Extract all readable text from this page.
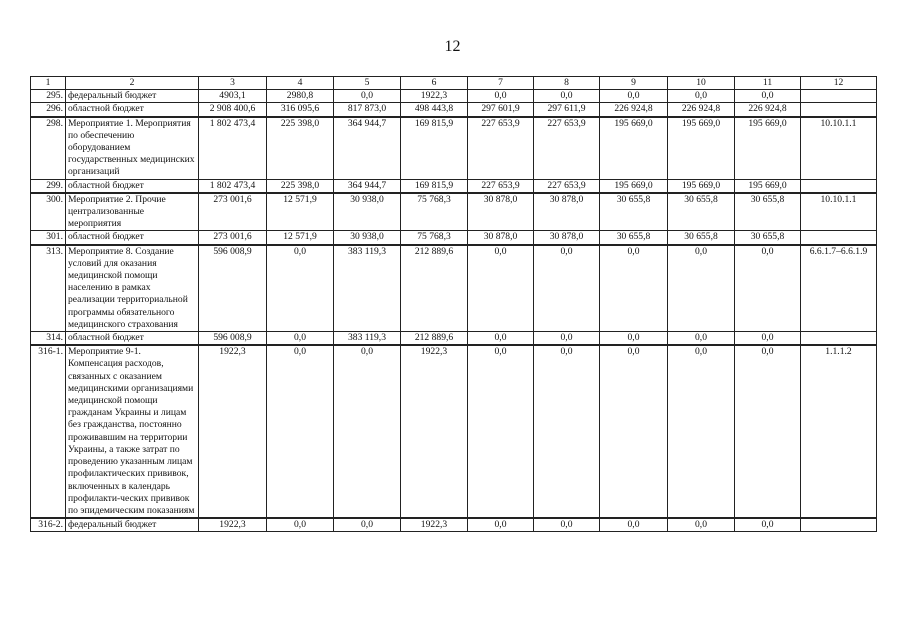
12
1	2	3	4	5	6	7	8	9	10	11	12
295.	федеральный бюджет	4903,1	2980,8	0,0	1922,3	0,0	0,0	0,0	0,0	0,0	
296.	областной бюджет	2 908 400,6	316 095,6	817 873,0	498 443,8	297 601,9	297 611,9	226 924,8	226 924,8	226 924,8	
298.	Мероприятие 1. Мероприятия по обеспечению оборудованием государственных медицинских организаций	1 802 473,4	225 398,0	364 944,7	169 815,9	227 653,9	227 653,9	195 669,0	195 669,0	195 669,0	10.10.1.1
299.	областной бюджет	1 802 473,4	225 398,0	364 944,7	169 815,9	227 653,9	227 653,9	195 669,0	195 669,0	195 669,0	
300.	Мероприятие 2. Прочие централизованные мероприятия	273 001,6	12 571,9	30 938,0	75 768,3	30 878,0	30 878,0	30 655,8	30 655,8	30 655,8	10.10.1.1
301.	областной бюджет	273 001,6	12 571,9	30 938,0	75 768,3	30 878,0	30 878,0	30 655,8	30 655,8	30 655,8	
313.	Мероприятие 8. Создание условий для оказания медицинской помощи населению в рамках реализации территориальной программы обязательного медицинского страхования	596 008,9	0,0	383 119,3	212 889,6	0,0	0,0	0,0	0,0	0,0	6.6.1.7–6.6.1.9
314.	областной бюджет	596 008,9	0,0	383 119,3	212 889,6	0,0	0,0	0,0	0,0	0,0	
316-1.	Мероприятие 9-1. Компенсация расходов, связанных с оказанием медицинскими организациями медицинской помощи гражданам Украины и лицам без гражданства, постоянно проживавшим на территории Украины, а также затрат по проведению указанным лицам профилактических прививок, включенных в календарь профилакти-ческих прививок по эпидемическим показаниям	1922,3	0,0	0,0	1922,3	0,0	0,0	0,0	0,0	0,0	1.1.1.2
316-2.	федеральный бюджет	1922,3	0,0	0,0	1922,3	0,0	0,0	0,0	0,0	0,0	
